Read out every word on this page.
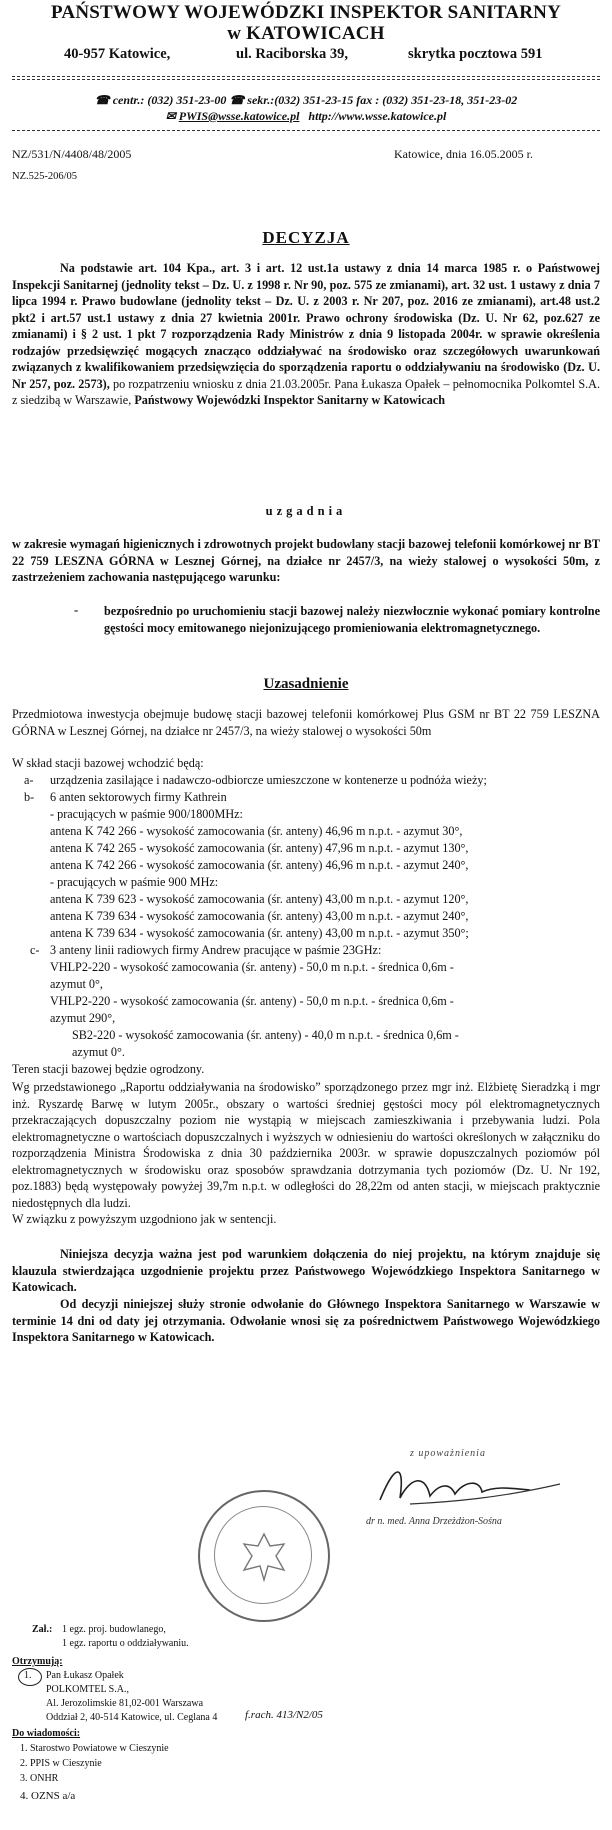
PAŃSTWOWY WOJEWÓDZKI INSPEKTOR SANITARNY
w KATOWICACH
40-957 Katowice,	ul. Raciborska 39,	skrytka pocztowa 591
☎ centr.: (032) 351-23-00 ☎ sekr.:(032) 351-23-15 fax : (032) 351-23-18, 351-23-02
✉ PWIS@wsse.katowice.pl http://www.wsse.katowice.pl
NZ/531/N/4408/48/2005	Katowice, dnia 16.05.2005 r.
NZ.525-206/05
DECYZJA
Na podstawie art. 104 Kpa., art. 3 i art. 12 ust.1a ustawy z dnia 14 marca 1985 r. o Państwowej Inspekcji Sanitarnej (jednolity tekst – Dz. U. z 1998 r. Nr 90, poz. 575 ze zmianami), art. 32 ust. 1 ustawy z dnia 7 lipca 1994 r. Prawo budowlane (jednolity tekst – Dz. U. z 2003 r. Nr 207, poz. 2016 ze zmianami), art.48 ust.2 pkt2 i art.57 ust.1 ustawy z dnia 27 kwietnia 2001r. Prawo ochrony środowiska (Dz. U. Nr 62, poz.627 ze zmianami) i § 2 ust. 1 pkt 7 rozporządzenia Rady Ministrów z dnia 9 listopada 2004r. w sprawie określenia rodzajów przedsięwzięć mogących znacząco oddziaływać na środowisko oraz szczegółowych uwarunkowań związanych z kwalifikowaniem przedsięwzięcia do sporządzenia raportu o oddziaływaniu na środowisko (Dz. U. Nr 257, poz. 2573), po rozpatrzeniu wniosku z dnia 21.03.2005r. Pana Łukasza Opałek – pełnomocnika Polkomtel S.A. z siedzibą w Warszawie, Państwowy Wojewódzki Inspektor Sanitarny w Katowicach
uzgadnia
w zakresie wymagań higienicznych i zdrowotnych projekt budowlany stacji bazowej telefonii komórkowej nr BT 22 759 LESZNA GÓRNA w Lesznej Górnej, na działce nr 2457/3, na wieży stalowej o wysokości 50m, z zastrzeżeniem zachowania następującego warunku:
- bezpośrednio po uruchomieniu stacji bazowej należy niezwłocznie wykonać pomiary kontrolne gęstości mocy emitowanego niejonizującego promieniowania elektromagnetycznego.
Uzasadnienie
Przedmiotowa inwestycja obejmuje budowę stacji bazowej telefonii komórkowej Plus GSM nr BT 22 759 LESZNA GÓRNA w Lesznej Górnej, na działce nr 2457/3, na wieży stalowej o wysokości 50m
W skład stacji bazowej wchodzić będą:
a- urządzenia zasilające i nadawczo-odbiorcze umieszczone w kontenerze u podnóża wieży;
b- 6 anten sektorowych firmy Kathrein
- pracujących w paśmie 900/1800MHz:
antena K 742 266 - wysokość zamocowania (śr. anteny) 46,96 m n.p.t. - azymut 30°,
antena K 742 265 - wysokość zamocowania (śr. anteny) 47,96 m n.p.t. - azymut 130°,
antena K 742 266 - wysokość zamocowania (śr. anteny) 46,96 m n.p.t. - azymut 240°,
- pracujących w paśmie 900 MHz:
antena K 739 623 - wysokość zamocowania (śr. anteny) 43,00 m n.p.t. - azymut 120°,
antena K 739 634 - wysokość zamocowania (śr. anteny) 43,00 m n.p.t. - azymut 240°,
antena K 739 634 - wysokość zamocowania (śr. anteny) 43,00 m n.p.t. - azymut 350°;
c- 3 anteny linii radiowych firmy Andrew pracujące w paśmie 23GHz:
VHLP2-220 - wysokość zamocowania (śr. anteny) - 50,0 m n.p.t. - średnica 0,6m -
azymut 0°,
VHLP2-220 - wysokość zamocowania (śr. anteny) - 50,0 m n.p.t. - średnica 0,6m -
azymut 290°,
SB2-220 - wysokość zamocowania (śr. anteny) - 40,0 m n.p.t. - średnica 0,6m -
azymut 0°.
Teren stacji bazowej będzie ogrodzony.
Wg przedstawionego „Raportu oddziaływania na środowisko” sporządzonego przez mgr inż. Elżbietę Sieradzką i mgr inż. Ryszardę Barwę w lutym 2005r., obszary o wartości średniej gęstości mocy pól elektromagnetycznych przekraczających dopuszczalny poziom nie wystąpią w miejscach zamieszkiwania i przebywania ludzi. Pola elektromagnetyczne o wartościach dopuszczalnych i wyższych w odniesieniu do wartości określonych w załączniku do rozporządzenia Ministra Środowiska z dnia 30 października 2003r. w sprawie dopuszczalnych poziomów pól elektromagnetycznych w środowisku oraz sposobów sprawdzania dotrzymania tych poziomów (Dz. U. Nr 192, poz.1883) będą występowały powyżej 39,7m n.p.t. w odległości do 28,22m od anten stacji, w miejscach praktycznie niedostępnych dla ludzi.
W związku z powyższym uzgodniono jak w sentencji.
Niniejsza decyzja ważna jest pod warunkiem dołączenia do niej projektu, na którym znajduje się klauzula stwierdzająca uzgodnienie projektu przez Państwowego Wojewódzkiego Inspektora Sanitarnego w Katowicach.
Od decyzji niniejszej służy stronie odwołanie do Głównego Inspektora Sanitarnego w Warszawie w terminie 14 dni od daty jej otrzymania. Odwołanie wnosi się za pośrednictwem Państwowego Wojewódzkiego Inspektora Sanitarnego w Katowicach.
z upoważnienia
dr n. med. Anna Drzeżdżon-Sośna
Zał.: 1 egz. proj. budowlanego,
1 egz. raportu o oddziaływaniu.
Otrzymują:
1. Pan Łukasz Opałek
POLKOMTEL S.A.,
Al. Jerozolimskie 81,02-001 Warszawa
Oddział 2, 40-514 Katowice, ul. Ceglana 4	f.rach. 413/N2/05
Do wiadomości:
1. Starostwo Powiatowe w Cieszynie
2. PPIS w Cieszynie
3. ONHR
4. OZNS a/a
